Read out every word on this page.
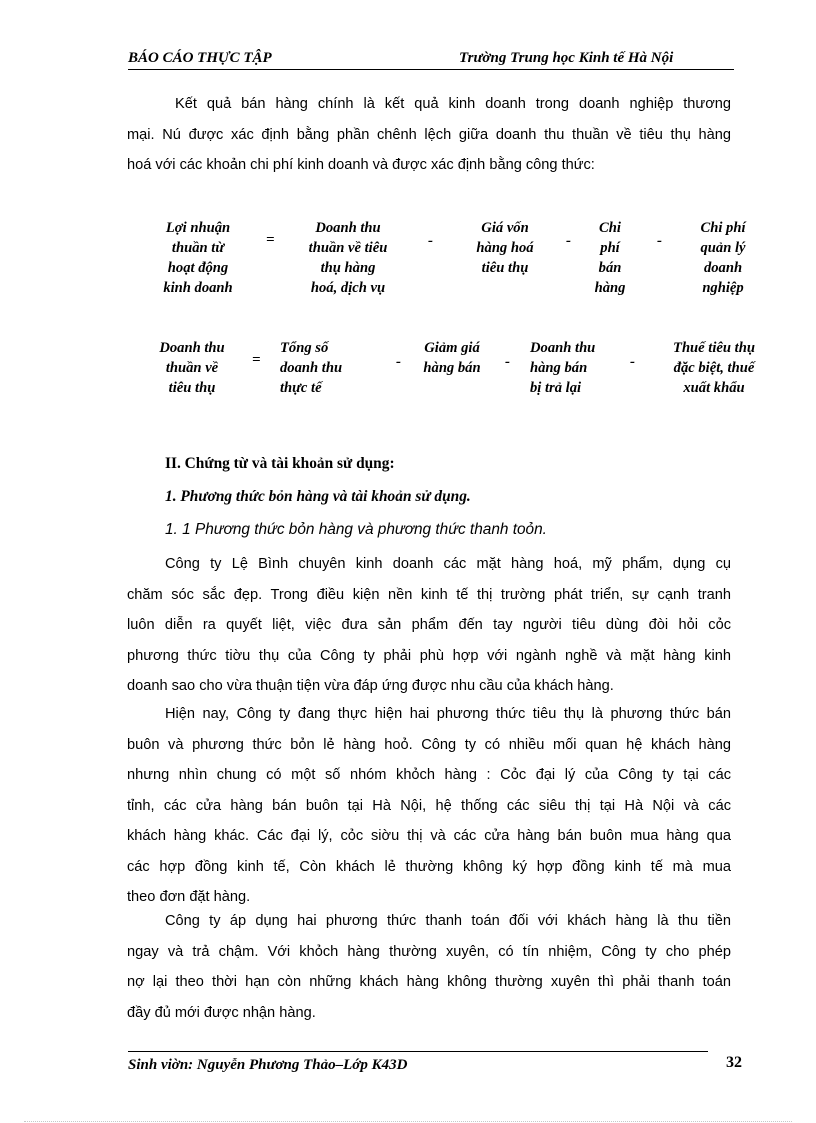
BÁO CÁO THỰC TẬP	Trường Trung học Kinh tế Hà Nội
Kết quả bán hàng chính là kết quả kinh doanh trong doanh nghiệp thương
mại. Nú được xác định bằng phần chênh lệch giữa doanh thu thuần về tiêu thụ hàng
hoá với các khoản chi phí kinh doanh và được xác định bằng công thức:
Lợi nhuận
thuần từ
hoạt động
kinh doanh
=
Doanh thu
thuần về tiêu
thụ hàng
hoá, dịch vụ
-
Giá vốn
hàng hoá
tiêu thụ
-
Chi
phí
bán
hàng
-
Chi phí
quản lý
doanh
nghiệp
Doanh thu
thuần về
tiêu thụ
=
Tổng số
doanh thu
thực tế
-
Giảm giá
hàng bán	-
Doanh thu
hàng bán
bị trả lại
-
Thuế tiêu thụ
đặc biệt, thuế
xuất khẩu
II. Chứng từ và tài khoản sử dụng:
1. Phương thức bỏn hàng và tài khoản sử dụng.
1. 1 Phương thức bỏn hàng và phương thức thanh toỏn.
Công ty Lệ Bình chuyên kinh doanh các mặt hàng hoá, mỹ phẩm, dụng cụ
chăm sóc sắc đẹp. Trong điều kiện nền kinh tế thị trường phát triển, sự cạnh tranh
luôn diễn ra quyết liệt, việc đưa sản phẩm đến tay người tiêu dùng đòi hỏi cỏc
phương thức tiờu thụ của Công ty phải phù hợp với ngành nghề và mặt hàng kinh
doanh sao cho vừa thuận tiện vừa đáp ứng được nhu cầu của khách hàng.
Hiện nay, Công ty đang thực hiện hai phương thức tiêu thụ là phương thức bán
buôn và phương thức bỏn lẻ hàng hoỏ. Công ty có nhiều mối quan hệ khách hàng
nhưng nhìn chung có một số nhóm khỏch hàng : Cỏc đại lý của Công ty tại các
tỉnh, các cửa hàng bán buôn tại Hà Nội, hệ thống các siêu thị tại Hà Nội và các
khách hàng khác. Các đại lý, cỏc siờu thị và các cửa hàng bán buôn mua hàng qua
các hợp đồng kinh tế, Còn khách lẻ thường không ký hợp đồng kinh tế mà mua
theo đơn đặt hàng.
Công ty áp dụng hai phương thức thanh toán đối với khách hàng là thu tiền
ngay và trả chậm. Với khỏch hàng thường xuyên, có tín nhiệm, Công ty cho phép
nợ lại theo thời hạn còn những khách hàng không thường xuyên thì phải thanh toán
đầy đủ mới được nhận hàng.
Sinh viờn: Nguyễn Phương Thảo–Lớp K43D	32
